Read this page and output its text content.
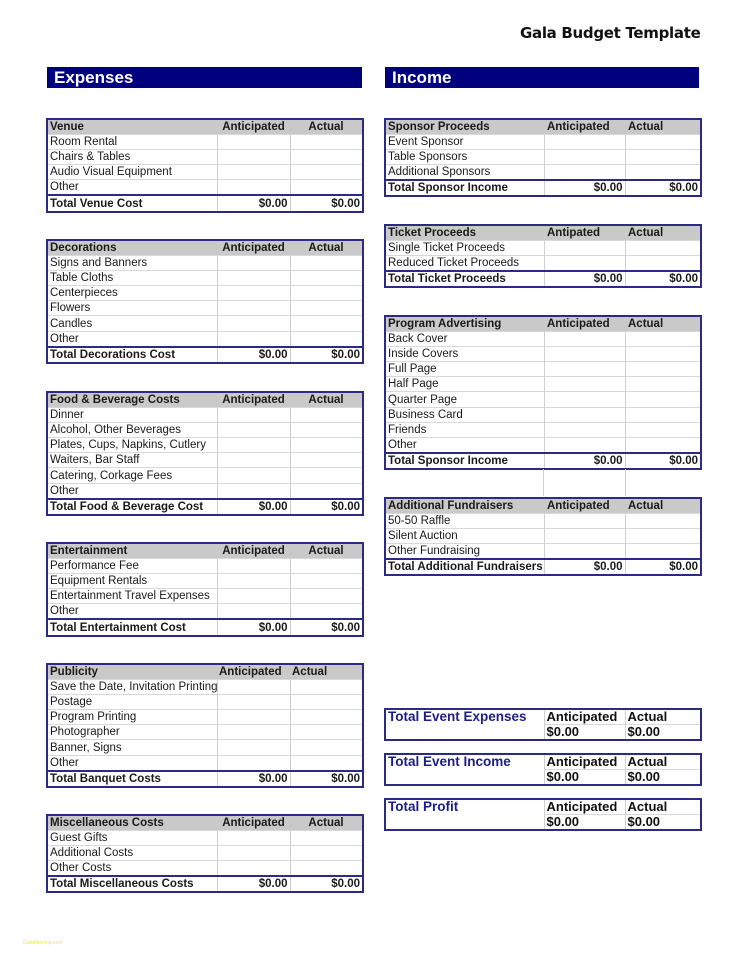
Gala Budget Template
Expenses	Income
Venue	Anticipated	Actual
Room Rental		
Chairs & Tables		
Audio Visual Equipment		
Other		
Total Venue Cost	$0.00	$0.00
Decorations	Anticipated	Actual
Signs and Banners		
Table Cloths		
Centerpieces		
Flowers		
Candles		
Other		
Total Decorations Cost	$0.00	$0.00
Food & Beverage Costs	Anticipated	Actual
Dinner		
Alcohol, Other Beverages		
Plates, Cups, Napkins, Cutlery		
Waiters, Bar Staff		
Catering, Corkage Fees		
Other		
Total Food & Beverage Cost	$0.00	$0.00
Entertainment	Anticipated	Actual
Performance Fee		
Equipment Rentals		
Entertainment Travel Expenses		
Other		
Total Entertainment Cost	$0.00	$0.00
Publicity	Anticipated	Actual
Save the Date, Invitation Printing		
Postage		
Program Printing		
Photographer		
Banner, Signs		
Other		
Total Banquet Costs	$0.00	$0.00
Miscellaneous Costs	Anticipated	Actual
Guest Gifts		
Additional Costs		
Other Costs		
Total Miscellaneous Costs	$0.00	$0.00
Sponsor Proceeds	Anticipated	Actual
Event Sponsor		
Table Sponsors		
Additional Sponsors		
Total Sponsor Income	$0.00	$0.00
Ticket Proceeds	Antipated	Actual
Single Ticket Proceeds		
Reduced Ticket Proceeds		
Total Ticket Proceeds	$0.00	$0.00
Program Advertising	Anticipated	Actual
Back Cover		
Inside Covers		
Full Page		
Half Page		
Quarter Page		
Business Card		
Friends		
Other		
Total Sponsor Income	$0.00	$0.00
Additional Fundraisers	Anticipated	Actual
50-50 Raffle		
Silent Auction		
Other Fundraising		
Total Additional Fundraisers	$0.00	$0.00
Total Event Expenses	Anticipated	Actual
	$0.00	$0.00
Total Event Income	Anticipated	Actual
	$0.00	$0.00
Total Profit	Anticipated	Actual
	$0.00	$0.00
GaleBitsnmp.com
